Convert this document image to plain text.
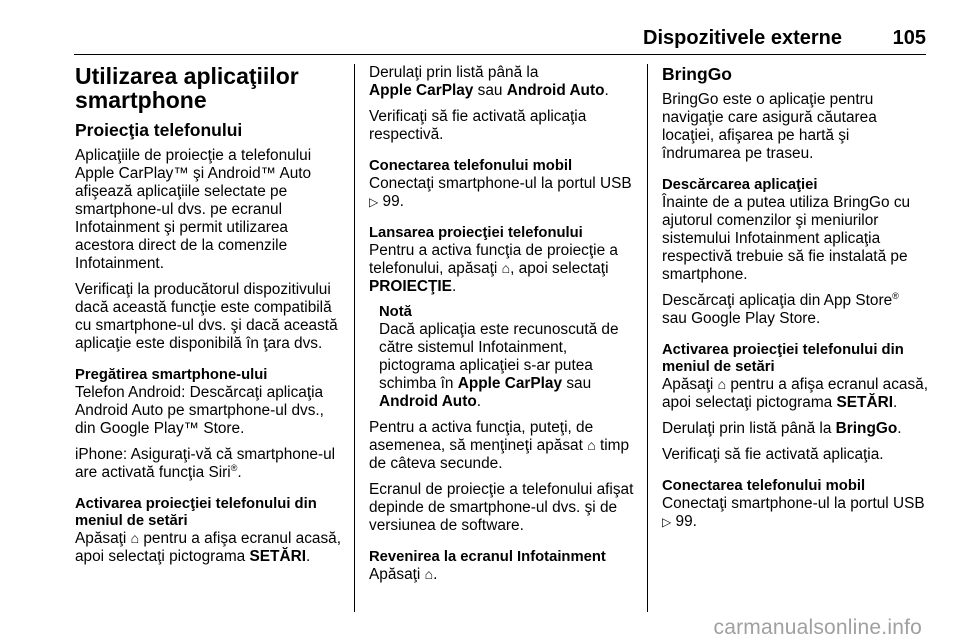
Dispozitivele externe	105
Utilizarea aplicaţiilor
smartphone
Proiecţia telefonului

Aplicaţiile de proiecţie a telefonului Apple CarPlay™ şi Android™ Auto afişează aplicaţiile selectate pe smartphone-ul dvs. pe ecranul Infotainment şi permit utilizarea acestora direct de la comenzile Infotainment.

Verificaţi la producătorul dispozitivului dacă această funcţie este compatibilă cu smartphone-ul dvs. şi dacă această aplicaţie este disponibilă în ţara dvs.

Pregătirea smartphone-ului

Telefon Android: Descărcaţi aplicaţia Android Auto pe smartphone-ul dvs., din Google Play™ Store.

iPhone: Asiguraţi-vă că smartphone-ul are activată funcţia Siri®.

Activarea proiecţiei telefonului din meniul de setări

Apăsaţi ⌂ pentru a afişa ecranul acasă, apoi selectaţi pictograma SETĂRI.

Derulaţi prin listă până la
Apple CarPlay sau Android Auto.

Verificaţi să fie activată aplicaţia respectivă.

Conectarea telefonului mobil

Conectaţi smartphone-ul la portul USB ▷ 99.

Lansarea proiecţiei telefonului

Pentru a activa funcţia de proiecţie a telefonului, apăsaţi ⌂, apoi selectaţi PROIECŢIE.

Notă
Dacă aplicaţia este recunoscută de către sistemul Infotainment, pictograma aplicaţiei s-ar putea schimba în Apple CarPlay sau
Android Auto.

Pentru a activa funcţia, puteţi, de asemenea, să menţineţi apăsat ⌂ timp de câteva secunde.

Ecranul de proiecţie a telefonului afişat depinde de smartphone-ul dvs. şi de versiunea de software.

Revenirea la ecranul Infotainment

Apăsaţi ⌂.

BringGo

BringGo este o aplicaţie pentru navigaţie care asigură căutarea locaţiei, afişarea pe hartă şi îndrumarea pe traseu.

Descărcarea aplicaţiei

Înainte de a putea utiliza BringGo cu ajutorul comenzilor şi meniurilor sistemului Infotainment aplicaţia respectivă trebuie să fie instalată pe smartphone.

Descărcaţi aplicaţia din App Store®
sau Google Play Store.

Activarea proiecţiei telefonului din meniul de setări

Apăsaţi ⌂ pentru a afişa ecranul acasă, apoi selectaţi pictograma SETĂRI.

Derulaţi prin listă până la BringGo.

Verificaţi să fie activată aplicaţia.

Conectarea telefonului mobil

Conectaţi smartphone-ul la portul USB ▷ 99.

carmanualsonline.info
